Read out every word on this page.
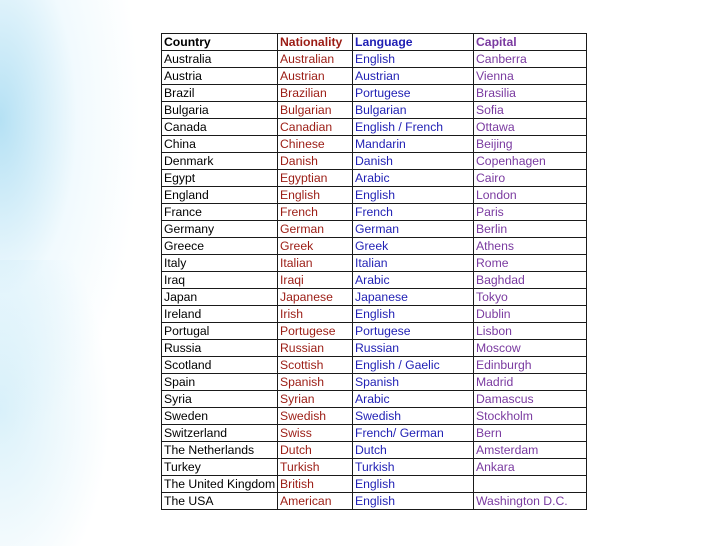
Country	Nationality	Language	Capital
Australia	Australian	English	Canberra
Austria	Austrian	Austrian	Vienna
Brazil	Brazilian	Portugese	Brasilia
Bulgaria	Bulgarian	Bulgarian	Sofia
Canada	Canadian	English / French	Ottawa
China	Chinese	Mandarin	Beijing
Denmark	Danish	Danish	Copenhagen
Egypt	Egyptian	Arabic	Cairo
England	English	English	London
France	French	French	Paris
Germany	German	German	Berlin
Greece	Greek	Greek	Athens
Italy	Italian	Italian	Rome
Iraq	Iraqi	Arabic	Baghdad
Japan	Japanese	Japanese	Tokyo
Ireland	Irish	English	Dublin
Portugal	Portugese	Portugese	Lisbon
Russia	Russian	Russian	Moscow
Scotland	Scottish	English / Gaelic	Edinburgh
Spain	Spanish	Spanish	Madrid
Syria	Syrian	Arabic	Damascus
Sweden	Swedish	Swedish	Stockholm
Switzerland	Swiss	French/ German	Bern
The Netherlands	Dutch	Dutch	Amsterdam
Turkey	Turkish	Turkish	Ankara
The United Kingdom	British	English	
The USA	American	English	Washington D.C.
